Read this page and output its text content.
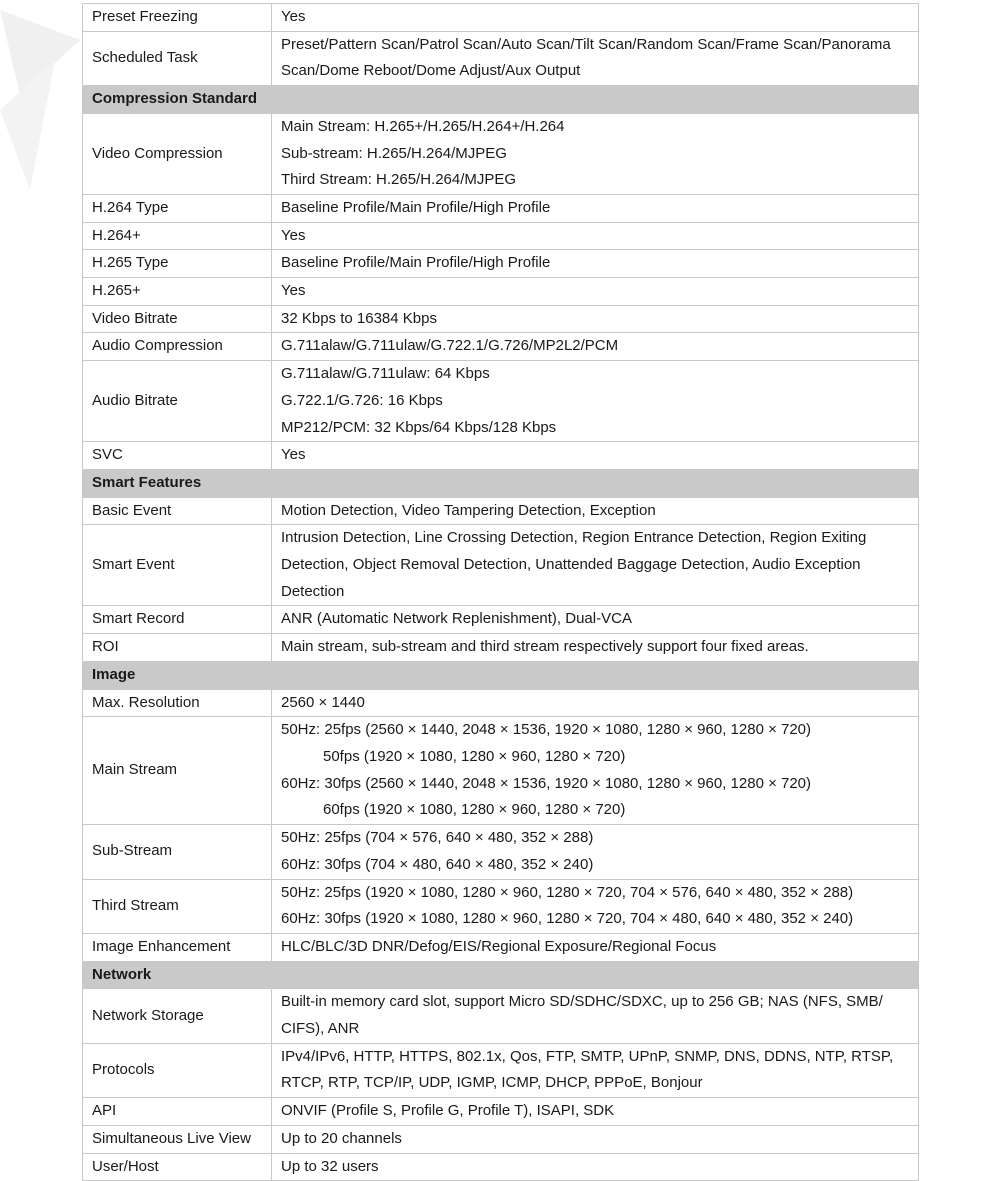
Preset Freezing	Yes

Scheduled Task	Preset/Pattern Scan/Patrol Scan/Auto Scan/Tilt Scan/Random Scan/Frame Scan/Panorama Scan/Dome Reboot/Dome Adjust/Aux Output

Compression Standard	
Video Compression	Main Stream: H.265+/H.265/H.264+/H.264
Sub-stream: H.265/H.264/MJPEG
Third Stream: H.265/H.264/MJPEG

H.264 Type	Baseline Profile/Main Profile/High Profile

H.264+	Yes

H.265 Type	Baseline Profile/Main Profile/High Profile

H.265+	Yes

Video Bitrate	32 Kbps to 16384 Kbps

Audio Compression	G.711alaw/G.711ulaw/G.722.1/G.726/MP2L2/PCM

Audio Bitrate	G.711alaw/G.711ulaw: 64 Kbps
G.722.1/G.726: 16 Kbps
MP212/PCM: 32 Kbps/64 Kbps/128 Kbps

SVC	Yes

Smart Features	
Basic Event	Motion Detection, Video Tampering Detection, Exception

Smart Event	Intrusion Detection, Line Crossing Detection, Region Entrance Detection, Region Exiting Detection, Object Removal Detection, Unattended Baggage Detection, Audio Exception Detection

Smart Record	ANR (Automatic Network Replenishment), Dual-VCA

ROI	Main stream, sub-stream and third stream respectively support four fixed areas.

Image	
Max. Resolution	2560 × 1440

Main Stream	50Hz: 25fps (2560 × 1440, 2048 × 1536, 1920 × 1080, 1280 × 960, 1280 × 720)
50fps (1920 × 1080, 1280 × 960, 1280 × 720)
60Hz: 30fps (2560 × 1440, 2048 × 1536, 1920 × 1080, 1280 × 960, 1280 × 720)
60fps (1920 × 1080, 1280 × 960, 1280 × 720)

Sub-Stream	50Hz: 25fps (704 × 576, 640 × 480, 352 × 288)
60Hz: 30fps (704 × 480, 640 × 480, 352 × 240)

Third Stream	50Hz: 25fps (1920 × 1080, 1280 × 960, 1280 × 720, 704 × 576, 640 × 480, 352 × 288)
60Hz: 30fps (1920 × 1080, 1280 × 960, 1280 × 720, 704 × 480, 640 × 480, 352 × 240)

Image Enhancement	HLC/BLC/3D DNR/Defog/EIS/Regional Exposure/Regional Focus

Network	
Network Storage	Built-in memory card slot, support Micro SD/SDHC/SDXC, up to 256 GB; NAS (NFS, SMB/ CIFS), ANR

Protocols	IPv4/IPv6, HTTP, HTTPS, 802.1x, Qos, FTP, SMTP, UPnP, SNMP, DNS, DDNS, NTP, RTSP, RTCP, RTP, TCP/IP, UDP, IGMP, ICMP, DHCP, PPPoE, Bonjour

API	ONVIF (Profile S, Profile G, Profile T), ISAPI, SDK

Simultaneous Live View	Up to 20 channels

User/Host	Up to 32 users
